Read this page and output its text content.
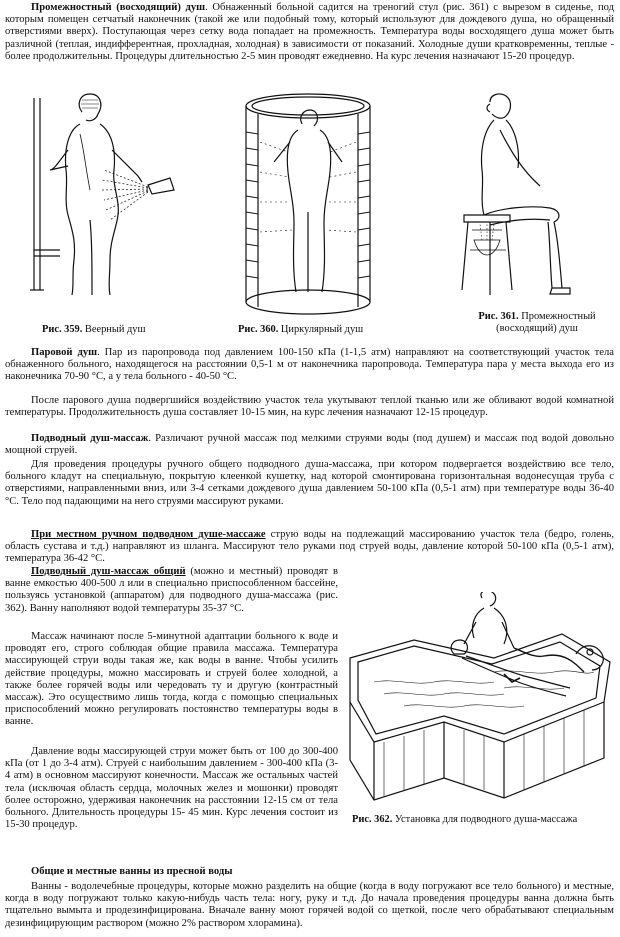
Промежностный (восходящий) душ. Обнаженный больной садится на треногий стул (рис. 361) с вырезом в сиденье, под которым помещен сетчатый наконечник (такой же или подобный тому, который используют для дождевого душа, но обращенный отверстиями вверх). Поступающая через сетку вода попадает на промежность. Температура воды восходящего душа может быть различной (теплая, индифферентная, прохладная, холодная) в зависимости от показаний. Холодные души кратковременны, теплые - более продолжительны. Процедуры длительностью 2-5 мин проводят ежедневно. На курс лечения назначают 15-20 процедур.
Рис. 359. Веерный душ	Рис. 360. Циркулярный душ
Рис. 361. Промежностный (восходящий) душ
Паровой душ. Пар из паропровода под давлением 100-150 кПа (1-1,5 атм) направляют на соответствующий участок тела обнаженного больного, находящегося на расстоянии 0,5-1 м от наконечника паропровода. Температура пара у места выхода его из наконечника 70-90 °С, а у тела больного - 40-50 °С.
После парового душа подвергшийся воздействию участок тела укутывают теплой тканью или же обливают водой комнатной температуры. Продолжительность душа составляет 10-15 мин, на курс лечения назначают 12-15 процедур.
Подводный душ-массаж. Различают ручной массаж под мелкими струями воды (под душем) и массаж под водой довольно мощной струей.
Для проведения процедуры ручного общего подводного душа-массажа, при котором подвергается воздействию все тело, больного кладут на специальную, покрытую клеенкой кушетку, над которой смонтирована горизонтальная водонесущая труба с отверстиями, направленными вниз, или 3-4 сетками дождевого душа давлением 50-100 кПа (0,5-1 атм) при температуре воды 36-40 °С. Тело под падающими на него струями массируют руками.
При местном ручном подводном душе-массаже струю воды на подлежащий массированию участок тела (бедро, голень, область сустава и т.д.) направляют из шланга. Массируют тело руками под струей воды, давление которой 50-100 кПа (0,5-1 атм), температура 36-42 °С.
Подводный душ-массаж общий (можно и местный) проводят в ванне емкостью 400-500 л или в специально приспособленном бассейне, пользуясь установкой (аппаратом) для подводного душа-массажа (рис. 362). Ванну наполняют водой температуры 35-37 °С.
Массаж начинают после 5-минутной адаптации больного к воде и проводят его, строго соблюдая общие правила массажа. Температура массирующей струи воды такая же, как воды в ванне. Чтобы усилить действие процедуры, можно массировать и струей более холодной, а также более горячей воды или чередовать ту и другую (контрастный массаж). Это осуществимо лишь тогда, когда с помощью специальных приспособлений можно регулировать постоянство температуры воды в ванне.
Давление воды массирующей струи может быть от 100 до 300-400 кПа (от 1 до 3-4 атм). Струей с наибольшим давлением - 300-400 кПа (3-4 атм) в основном массируют конечности. Массаж же остальных частей тела (исключая область сердца, молочных желез и мошонки) проводят более осторожно, удерживая наконечник на расстоянии 12-15 см от тела больного. Длительность процедуры 15- 45 мин. Курс лечения состоит из 15-30 процедур.	Рис. 362. Установка для подводного душа-массажа
Общие и местные ванны из пресной воды
Ванны - водолечебные процедуры, которые можно разделить на общие (когда в воду погружают все тело больного) и местные, когда в воду погружают только какую-нибудь часть тела: ногу, руку и т.д. До начала проведения процедуры ванна должна быть тщательно вымыта и продезинфицирована. Вначале ванну моют горячей водой со щеткой, после чего обрабатывают специальным дезинфицирующим раствором (можно 2% раствором хлорамина).
